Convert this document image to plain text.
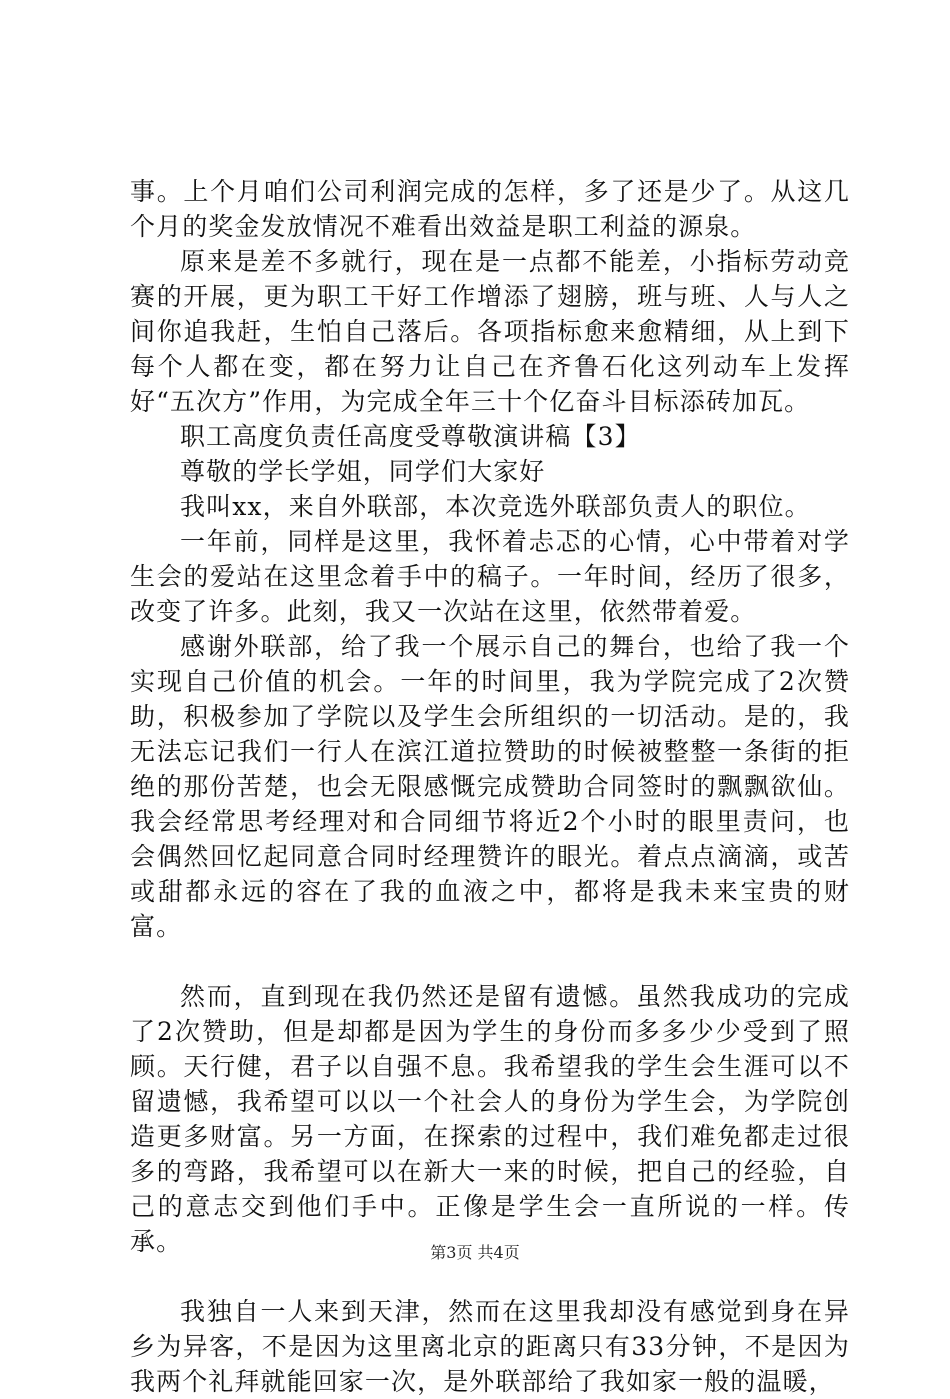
事。上个月咱们公司利润完成的怎样，多了还是少了。从这几个月的奖金发放情况不难看出效益是职工利益的源泉。

原来是差不多就行，现在是一点都不能差，小指标劳动竞赛的开展，更为职工干好工作增添了翅膀，班与班、人与人之间你追我赶，生怕自己落后。各项指标愈来愈精细，从上到下每个人都在变，都在努力让自己在齐鲁石化这列动车上发挥好“五次方”作用，为完成全年三十个亿奋斗目标添砖加瓦。

职工高度负责任高度受尊敬演讲稿【3】

尊敬的学长学姐，同学们大家好

我叫xx，来自外联部，本次竞选外联部负责人的职位。

一年前，同样是这里，我怀着忐忑的心情，心中带着对学生会的爱站在这里念着手中的稿子。一年时间，经历了很多，改变了许多。此刻，我又一次站在这里，依然带着爱。

感谢外联部，给了我一个展示自己的舞台，也给了我一个实现自己价值的机会。一年的时间里，我为学院完成了2次赞助，积极参加了学院以及学生会所组织的一切活动。是的，我无法忘记我们一行人在滨江道拉赞助的时候被整整一条街的拒绝的那份苦楚，也会无限感慨完成赞助合同签时的飘飘欲仙。我会经常思考经理对和合同细节将近2个小时的眼里责问，也会偶然回忆起同意合同时经理赞许的眼光。着点点滴滴，或苦或甜都永远的容在了我的血液之中，都将是我未来宝贵的财富。

然而，直到现在我仍然还是留有遗憾。虽然我成功的完成了2次赞助，但是却都是因为学生的身份而多多少少受到了照顾。天行健，君子以自强不息。我希望我的学生会生涯可以不留遗憾，我希望可以以一个社会人的身份为学生会，为学院创造更多财富。另一方面，在探索的过程中，我们难免都走过很多的弯路，我希望可以在新大一来的时候，把自己的经验，自己的意志交到他们手中。正像是学生会一直所说的一样。传承。

我独自一人来到天津，然而在这里我却没有感觉到身在异乡为异客，不是因为这里离北京的距离只有33分钟，不是因为我两个礼拜就能回家一次，是外联部给了我如家一般的温暖，

第3页 共4页
